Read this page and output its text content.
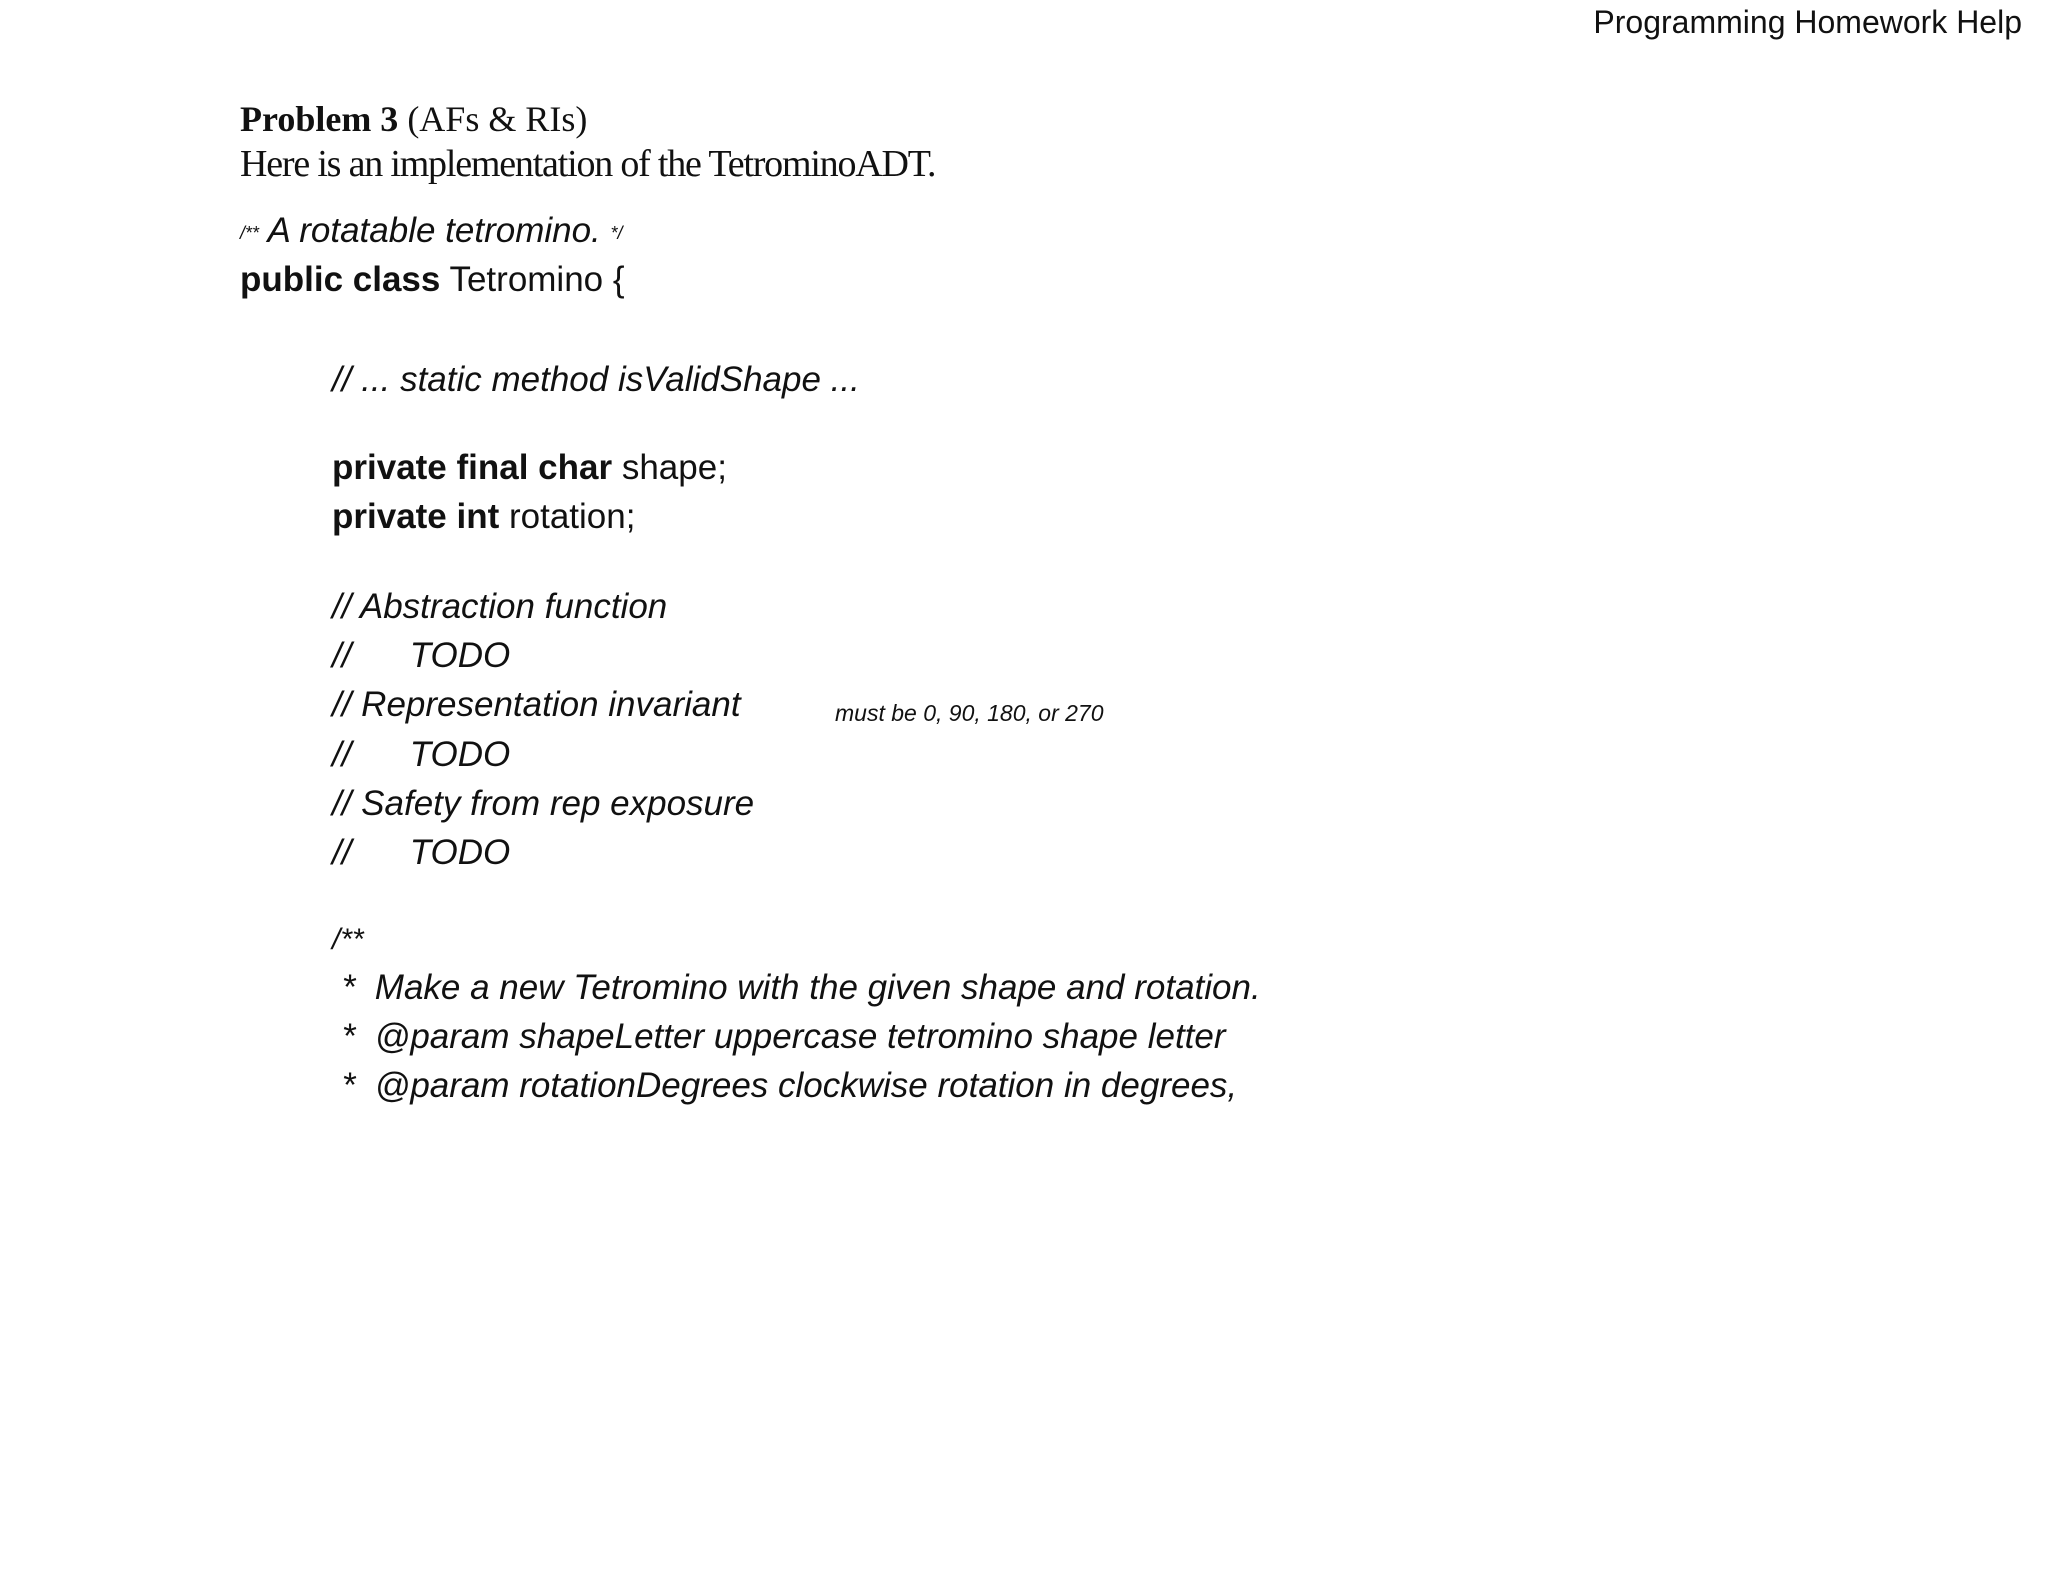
Programming Homework Help
Problem 3 (AFs & RIs)
Here is an implementation of the TetrominoADT.
/** A rotatable tetromino. */
public class Tetromino {
// ... static method isValidShape ...
private final char shape;
private int rotation;
// Abstraction function
//      TODO
// Representation invariant
//      TODO
// Safety from rep exposure
//      TODO
must be 0, 90, 180, or 270
/**
*  Make a new Tetromino with the given shape and rotation.
*  @param shapeLetter uppercase tetromino shape letter
*  @param rotationDegrees clockwise rotation in degrees,
